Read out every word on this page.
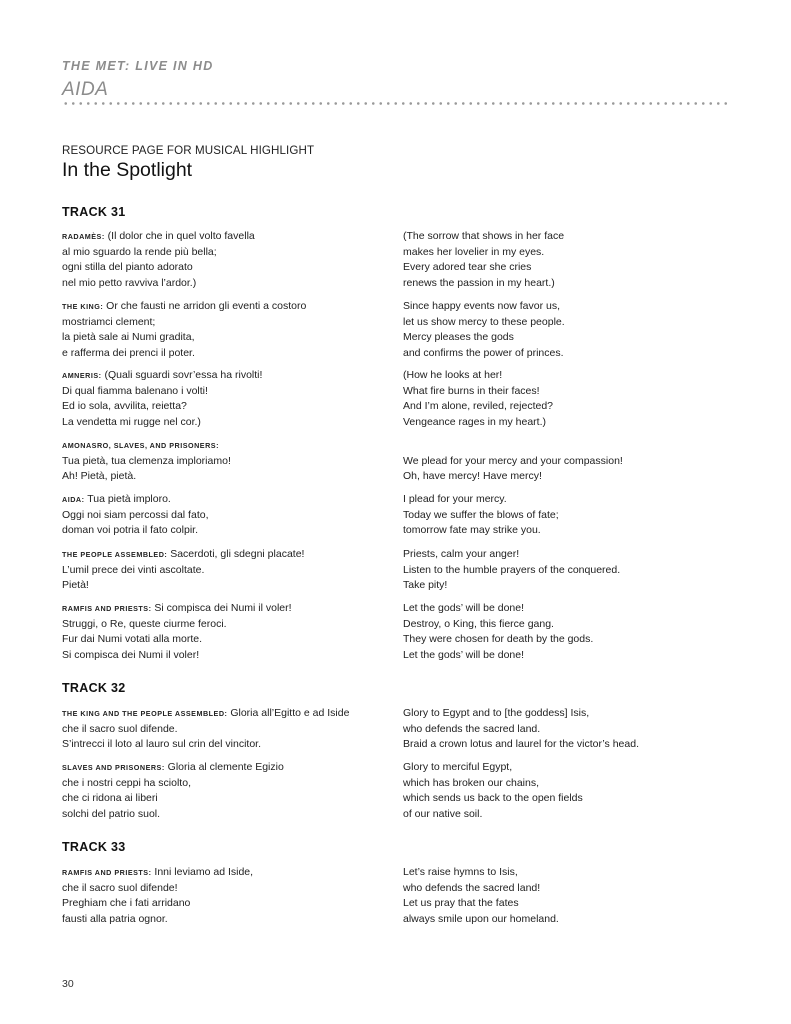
THE MET: LIVE IN HD
AIDA
RESOURCE PAGE FOR MUSICAL HIGHLIGHT
In the Spotlight
TRACK 31
RADAMÈS: (Il dolor che in quel volto favella
al mio sguardo la rende più bella;
ogni stilla del pianto adorato
nel mio petto ravviva l’ardor.)
(The sorrow that shows in her face
makes her lovelier in my eyes.
Every adored tear she cries
renews the passion in my heart.)
THE KING: Or che fausti ne arridon gli eventi a costoro
mostriamci clement;
la pietà sale ai Numi gradita,
e rafferma dei prenci il poter.
Since happy events now favor us,
let us show mercy to these people.
Mercy pleases the gods
and confirms the power of princes.
AMNERIS: (Quali sguardi sovr’essa ha rivolti!
Di qual fiamma balenano i volti!
Ed io sola, avvilita, reietta?
La vendetta mi rugge nel cor.)
(How he looks at her!
What fire burns in their faces!
And I’m alone, reviled, rejected?
Vengeance rages in my heart.)
AMONASRO, SLAVES, AND PRISONERS:
Tua pietà, tua clemenza imploriamo!
Ah! Pietà, pietà.

We plead for your mercy and your compassion!
Oh, have mercy! Have mercy!
AIDA: Tua pietà imploro.
Oggi noi siam percossi dal fato,
doman voi potria il fato colpir.
I plead for your mercy.
Today we suffer the blows of fate;
tomorrow fate may strike you.
THE PEOPLE ASSEMBLED: Sacerdoti, gli sdegni placate!
L’umil prece dei vinti ascoltate.
Pietà!
Priests, calm your anger!
Listen to the humble prayers of the conquered.
Take pity!
RAMFIS AND PRIESTS: Si compisca dei Numi il voler!
Struggi, o Re, queste ciurme feroci.
Fur dai Numi votati alla morte.
Si compisca dei Numi il voler!
Let the gods’ will be done!
Destroy, o King, this fierce gang.
They were chosen for death by the gods.
Let the gods’ will be done!
TRACK 32
THE KING AND THE PEOPLE ASSEMBLED: Gloria all’Egitto e ad Iside
che il sacro suol difende.
S’intrecci il loto al lauro sul crin del vincitor.
Glory to Egypt and to [the goddess] Isis,
who defends the sacred land.
Braid a crown lotus and laurel for the victor’s head.
SLAVES AND PRISONERS: Gloria al clemente Egizio
che i nostri ceppi ha sciolto,
che ci ridona ai liberi
solchi del patrio suol.
Glory to merciful Egypt,
which has broken our chains,
which sends us back to the open fields
of our native soil.
TRACK 33
RAMFIS AND PRIESTS: Inni leviamo ad Iside,
che il sacro suol difende!
Preghiam che i fati arridano
fausti alla patria ognor.
Let’s raise hymns to Isis,
who defends the sacred land!
Let us pray that the fates
always smile upon our homeland.
30
